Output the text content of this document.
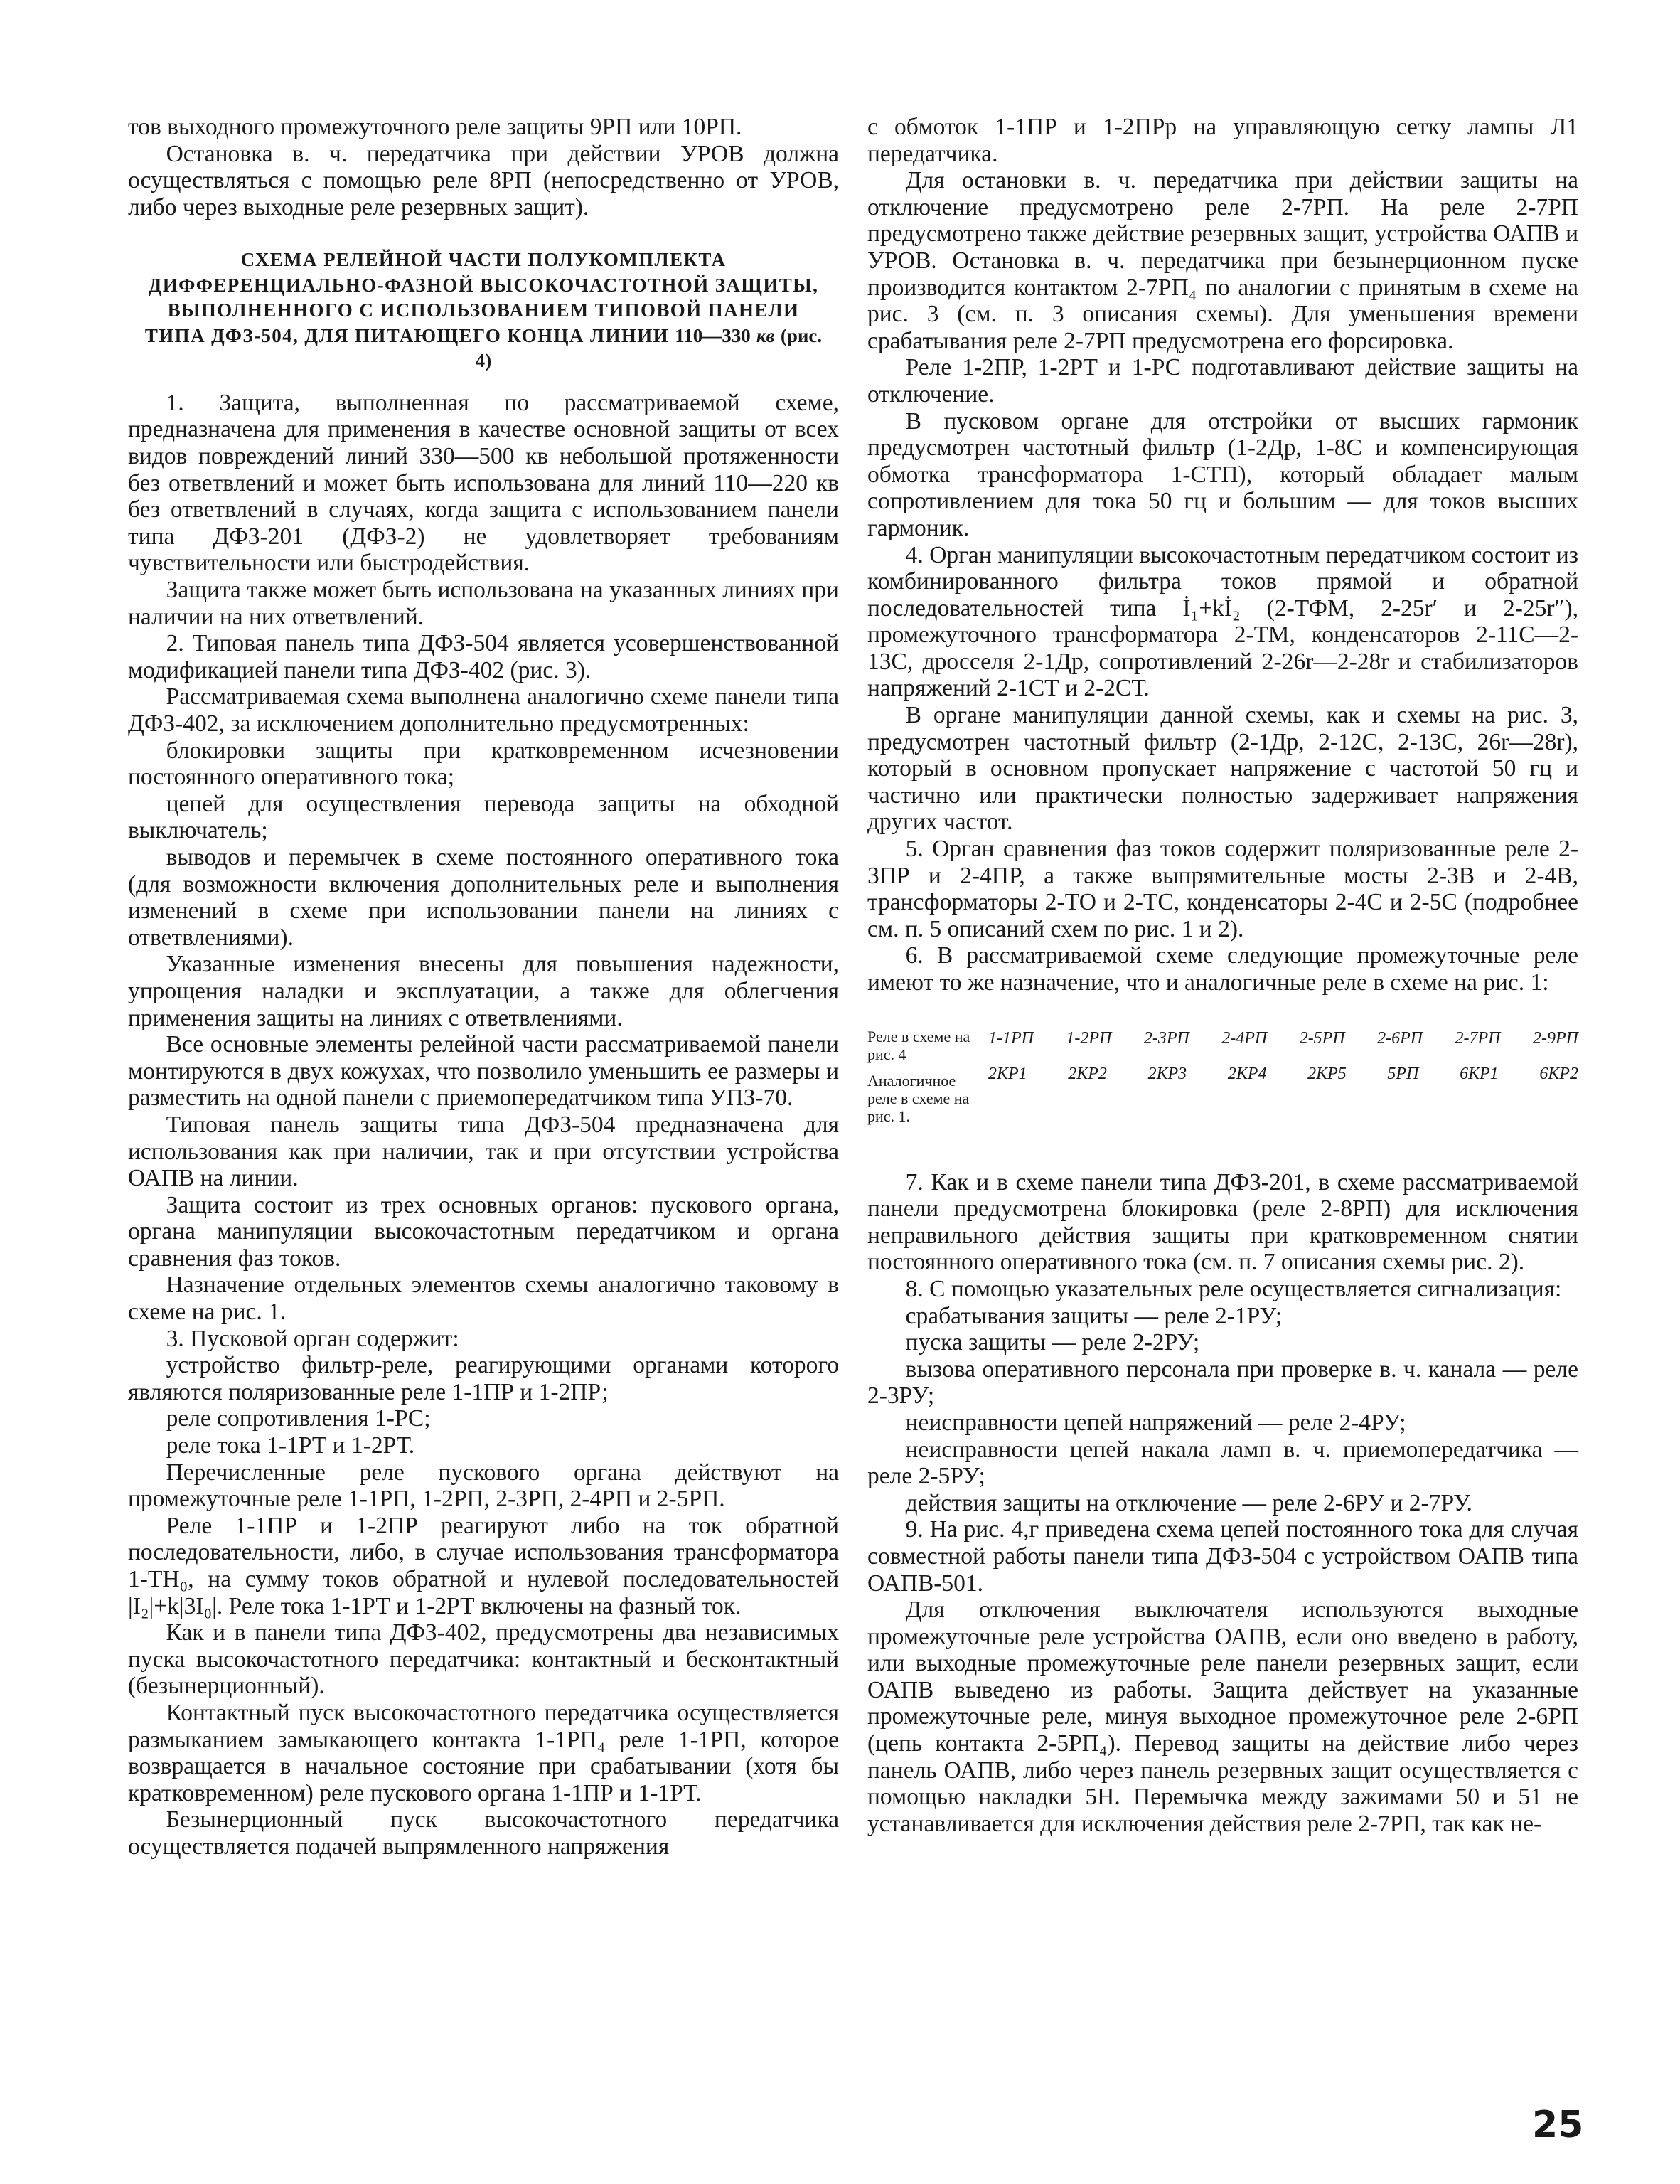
тов выходного промежуточного реле защиты 9РП или 10РП.

Остановка в. ч. передатчика при действии УРОВ должна осуществляться с помощью реле 8РП (непосредственно от УРОВ, либо через выходные реле резервных защит).

СХЕМА РЕЛЕЙНОЙ ЧАСТИ ПОЛУКОМПЛЕКТА ДИФФЕРЕНЦИАЛЬНО-ФАЗНОЙ ВЫСОКОЧАСТОТНОЙ ЗАЩИТЫ, ВЫПОЛНЕННОГО С ИСПОЛЬЗОВАНИЕМ ТИПОВОЙ ПАНЕЛИ ТИПА ДФЗ-504, ДЛЯ ПИТАЮЩЕГО КОНЦА ЛИНИИ 110—330 кв (рис. 4)

1. Защита, выполненная по рассматриваемой схеме, предназначена для применения в качестве основной защиты от всех видов повреждений линий 330—500 кв небольшой протяженности без ответвлений и может быть использована для линий 110—220 кв без ответвлений в случаях, когда защита с использованием панели типа ДФЗ-201 (ДФЗ-2) не удовлетворяет требованиям чувствительности или быстродействия.

Защита также может быть использована на указанных линиях при наличии на них ответвлений.

2. Типовая панель типа ДФЗ-504 является усовершенствованной модификацией панели типа ДФЗ-402 (рис. 3).

Рассматриваемая схема выполнена аналогично схеме панели типа ДФЗ-402, за исключением дополнительно предусмотренных:

блокировки защиты при кратковременном исчезновении постоянного оперативного тока;

цепей для осуществления перевода защиты на обходной выключатель;

выводов и перемычек в схеме постоянного оперативного тока (для возможности включения дополнительных реле и выполнения изменений в схеме при использовании панели на линиях с ответвлениями).

Указанные изменения внесены для повышения надежности, упрощения наладки и эксплуатации, а также для облегчения применения защиты на линиях с ответвлениями.

Все основные элементы релейной части рассматриваемой панели монтируются в двух кожухах, что позволило уменьшить ее размеры и разместить на одной панели с приемопередатчиком типа УПЗ-70.

Типовая панель защиты типа ДФЗ-504 предназначена для использования как при наличии, так и при отсутствии устройства ОАПВ на линии.

Защита состоит из трех основных органов: пускового органа, органа манипуляции высокочастотным передатчиком и органа сравнения фаз токов.

Назначение отдельных элементов схемы аналогично таковому в схеме на рис. 1.

3. Пусковой орган содержит:

устройство фильтр-реле, реагирующими органами которого являются поляризованные реле 1-1ПР и 1-2ПР;

реле сопротивления 1-РС;

реле тока 1-1РТ и 1-2РТ.

Перечисленные реле пускового органа действуют на промежуточные реле 1-1РП, 1-2РП, 2-3РП, 2-4РП и 2-5РП.

Реле 1-1ПР и 1-2ПР реагируют либо на ток обратной последовательности, либо, в случае использования трансформатора 1-ТН₀, на сумму токов обратной и нулевой последовательностей |I₂|+k|3I₀|. Реле тока 1-1РТ и 1-2РТ включены на фазный ток.

Как и в панели типа ДФЗ-402, предусмотрены два независимых пуска высокочастотного передатчика: контактный и бесконтактный (безынерционный).

Контактный пуск высокочастотного передатчика осуществляется размыканием замыкающего контакта 1-1РП₄ реле 1-1РП, которое возвращается в начальное состояние при срабатывании (хотя бы кратковременном) реле пускового органа 1-1ПР и 1-1РТ.

Безынерционный пуск высокочастотного передатчика осуществляется подачей выпрямленного напряжения

с обмоток 1-1ПР и 1-2ПРр на управляющую сетку лампы Л1 передатчика.

Для остановки в. ч. передатчика при действии защиты на отключение предусмотрено реле 2-7РП. На реле 2-7РП предусмотрено также действие резервных защит, устройства ОАПВ и УРОВ. Остановка в. ч. передатчика при безынерционном пуске производится контактом 2-7РП₄ по аналогии с принятым в схеме на рис. 3 (см. п. 3 описания схемы). Для уменьшения времени срабатывания реле 2-7РП предусмотрена его форсировка.

Реле 1-2ПР, 1-2РТ и 1-РС подготавливают действие защиты на отключение.

В пусковом органе для отстройки от высших гармоник предусмотрен частотный фильтр (1-2Др, 1-8С и компенсирующая обмотка трансформатора 1-СТП), который обладает малым сопротивлением для тока 50 гц и большим — для токов высших гармоник.

4. Орган манипуляции высокочастотным передатчиком состоит из комбинированного фильтра токов прямой и обратной последовательностей типа İ₁+kİ₂ (2-ТФМ, 2-25r′ и 2-25r″), промежуточного трансформатора 2-ТМ, конденсаторов 2-11С—2-13С, дросселя 2-1Др, сопротивлений 2-26r—2-28r и стабилизаторов напряжений 2-1СТ и 2-2СТ.

В органе манипуляции данной схемы, как и схемы на рис. 3, предусмотрен частотный фильтр (2-1Др, 2-12С, 2-13С, 26r—28r), который в основном пропускает напряжение с частотой 50 гц и частично или практически полностью задерживает напряжения других частот.

5. Орган сравнения фаз токов содержит поляризованные реле 2-3ПР и 2-4ПР, а также выпрямительные мосты 2-3В и 2-4В, трансформаторы 2-ТО и 2-ТС, конденсаторы 2-4С и 2-5С (подробнее см. п. 5 описаний схем по рис. 1 и 2).

6. В рассматриваемой схеме следующие промежуточные реле имеют то же назначение, что и аналогичные реле в схеме на рис. 1:

Реле в схеме на рис. 4
Аналогичное реле в схеме на рис. 1.
1-1РП 1-2РП 2-3РП 2-4РП 2-5РП 2-6РП 2-7РП 2-9РП
2КР1 2КР2 2КР3 2КР4 2КР5 5РП 6КР1 6КР2

7. Как и в схеме панели типа ДФЗ-201, в схеме рассматриваемой панели предусмотрена блокировка (реле 2-8РП) для исключения неправильного действия защиты при кратковременном снятии постоянного оперативного тока (см. п. 7 описания схемы рис. 2).

8. С помощью указательных реле осуществляется сигнализация:

срабатывания защиты — реле 2-1РУ;

пуска защиты — реле 2-2РУ;

вызова оперативного персонала при проверке в. ч. канала — реле 2-3РУ;

неисправности цепей напряжений — реле 2-4РУ;

неисправности цепей накала ламп в. ч. приемопередатчика — реле 2-5РУ;

действия защиты на отключение — реле 2-6РУ и 2-7РУ.

9. На рис. 4,г приведена схема цепей постоянного тока для случая совместной работы панели типа ДФЗ-504 с устройством ОАПВ типа ОАПВ-501.

Для отключения выключателя используются выходные промежуточные реле устройства ОАПВ, если оно введено в работу, или выходные промежуточные реле панели резервных защит, если ОАПВ выведено из работы. Защита действует на указанные промежуточные реле, минуя выходное промежуточное реле 2-6РП (цепь контакта 2-5РП₄). Перевод защиты на действие либо через панель ОАПВ, либо через панель резервных защит осуществляется с помощью накладки 5Н. Перемычка между зажимами 50 и 51 не устанавливается для исключения действия реле 2-7РП, так как не-

25
